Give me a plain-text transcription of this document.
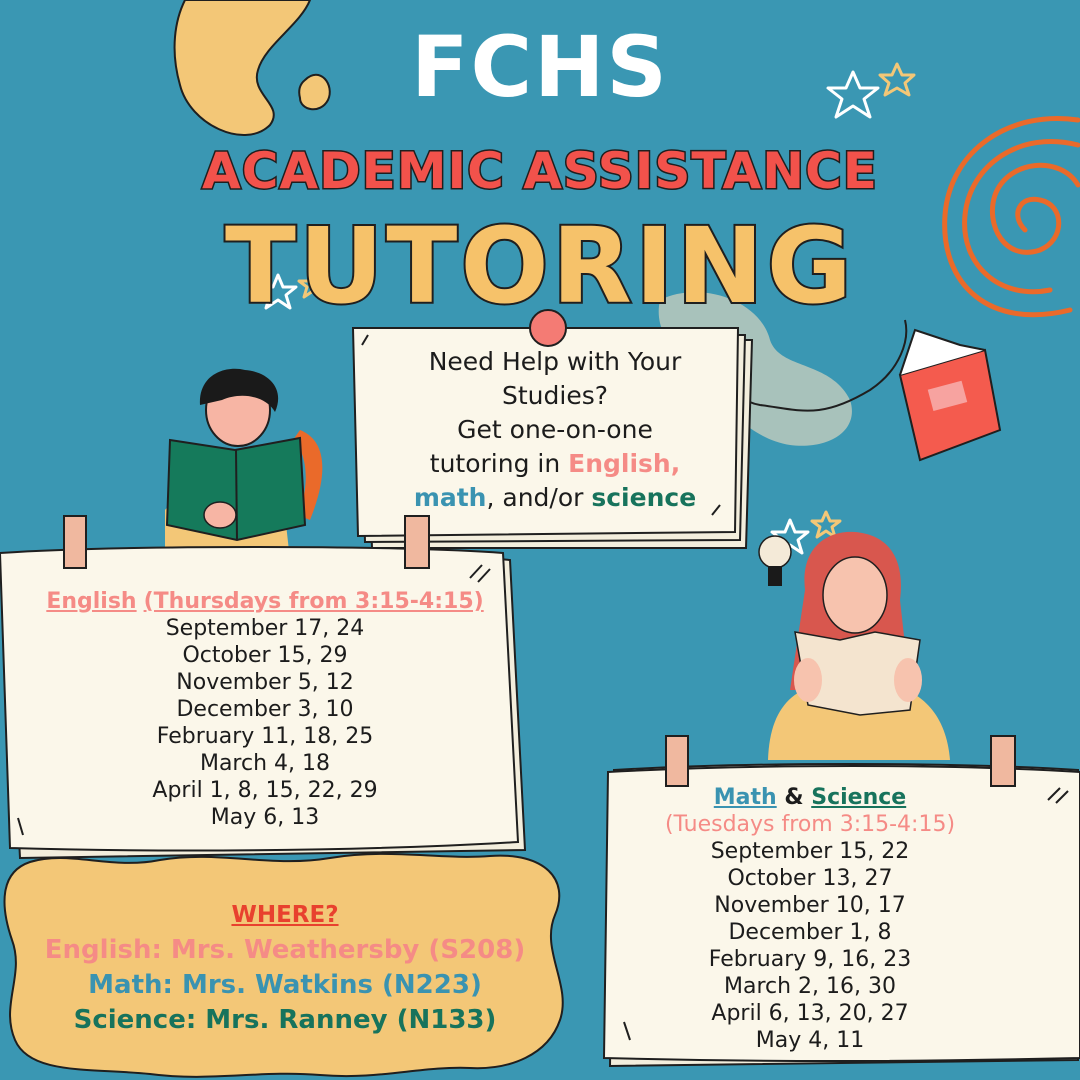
FCHS
ACADEMIC ASSISTANCE
TUTORING
Need Help with Your
Studies?
Get one-on-one
tutoring in English,
math, and/or science
English (Thursdays from 3:15-4:15)
September 17, 24
October 15, 29
November 5, 12
December 3, 10
February 11, 18, 25
March 4, 18
April 1, 8, 15, 22, 29
May 6, 13
Math & Science
(Tuesdays from 3:15-4:15)
September 15, 22
October 13, 27
November 10, 17
December 1, 8
February 9, 16, 23
March 2, 16, 30
April 6, 13, 20, 27
May 4, 11
WHERE?
English: Mrs. Weathersby (S208)
Math: Mrs. Watkins (N223)
Science: Mrs. Ranney (N133)
